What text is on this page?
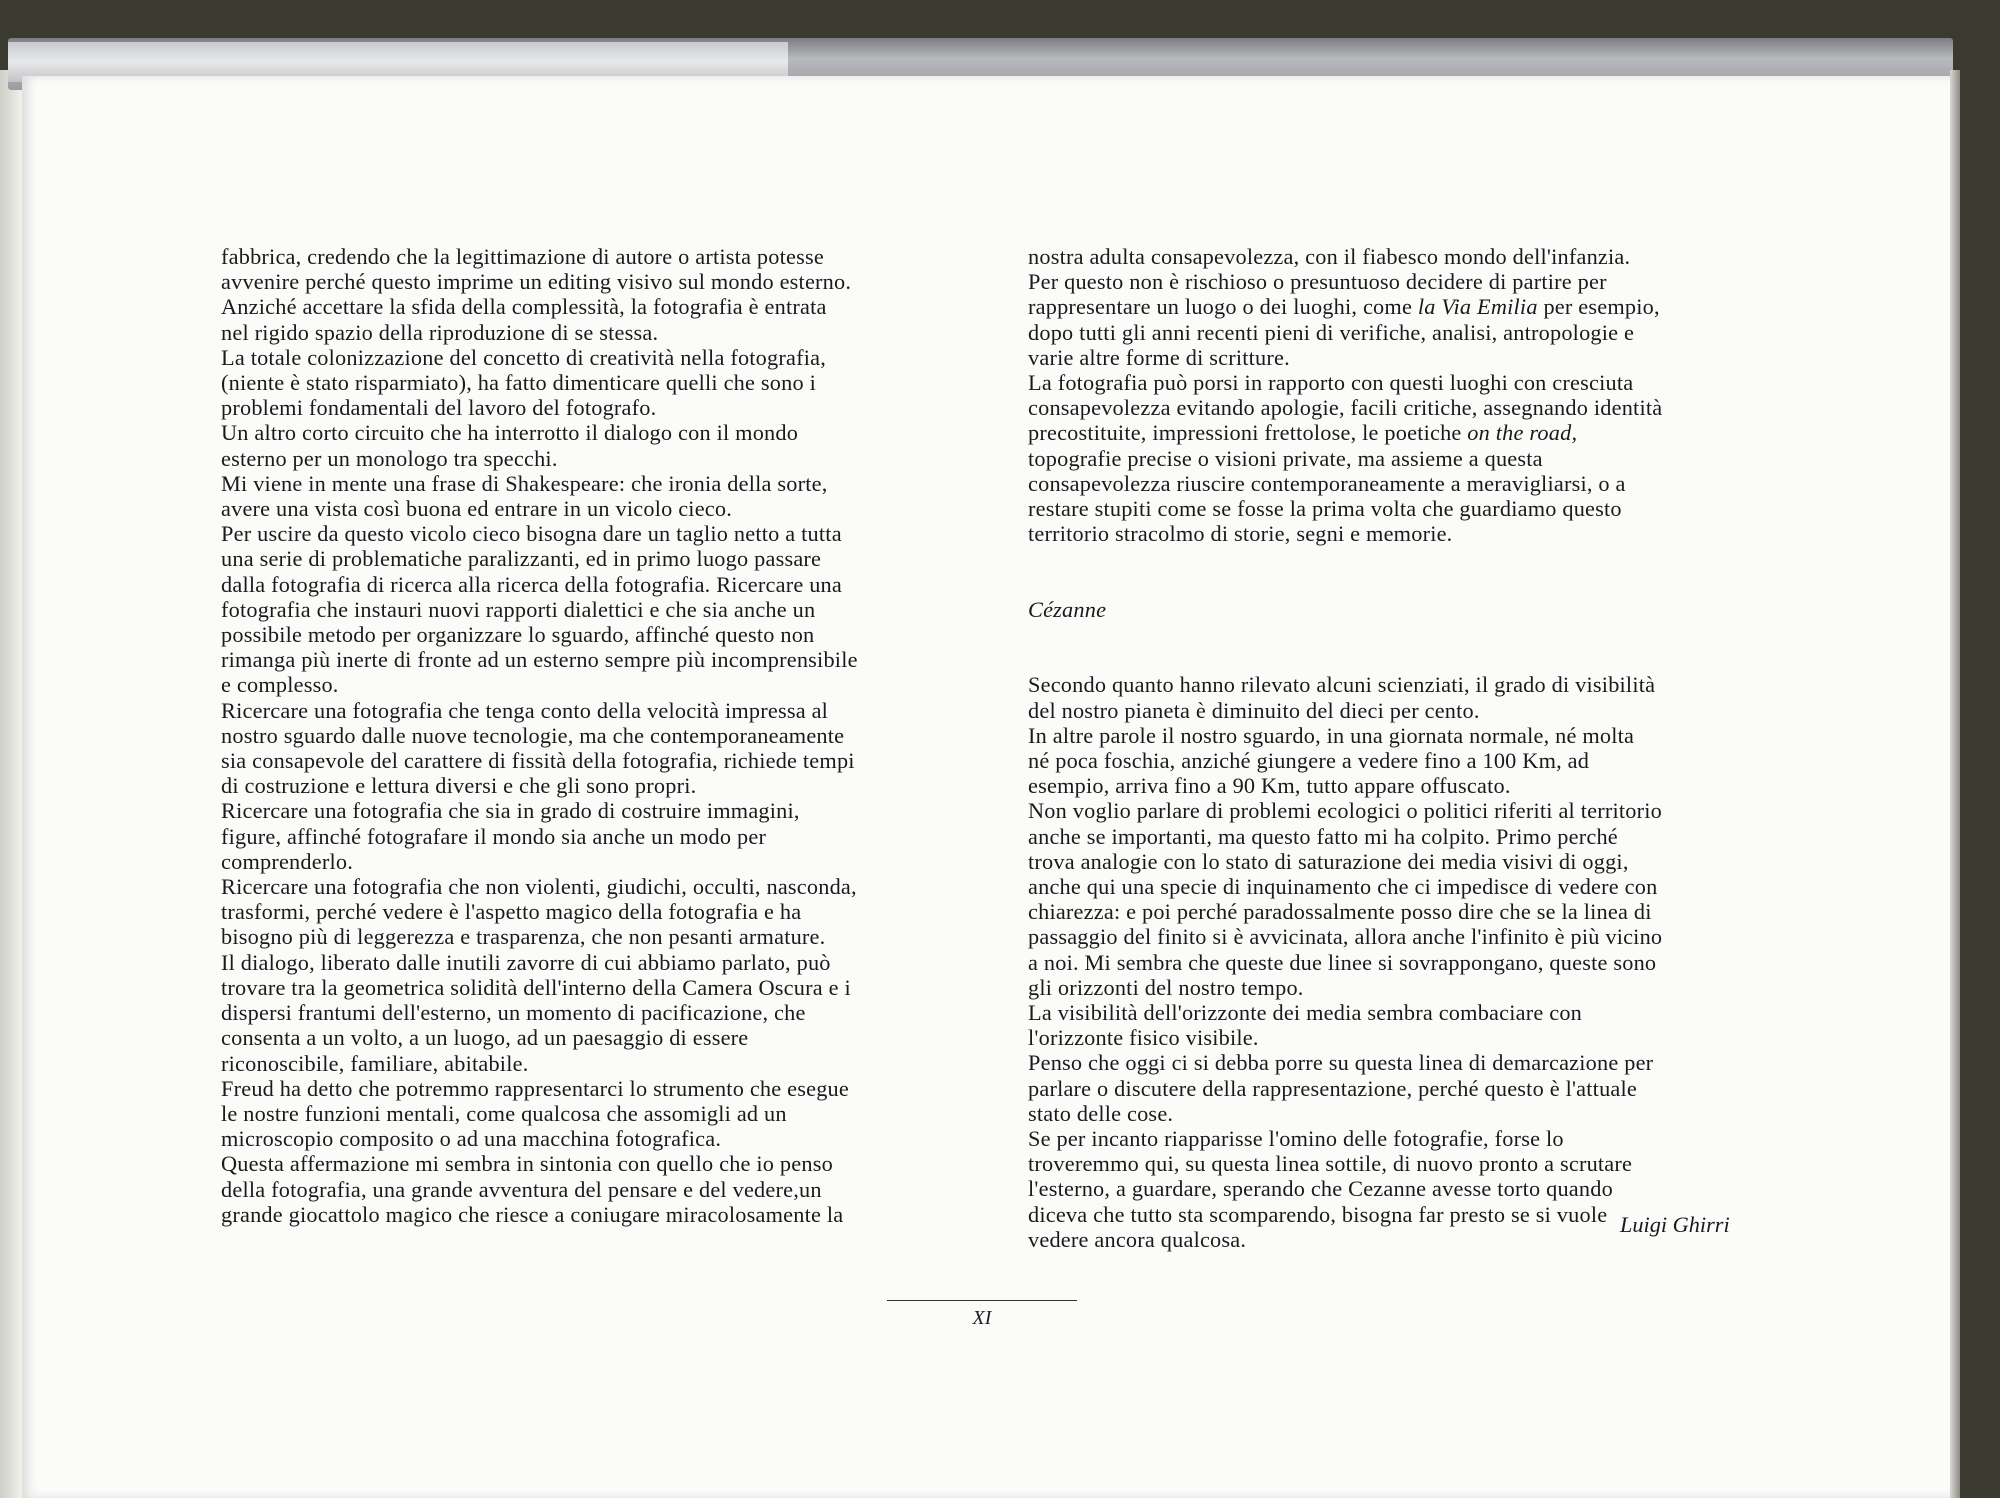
fabbrica, credendo che la legittimazione di autore o artista potesse
avvenire perché questo imprime un editing visivo sul mondo esterno.
Anziché accettare la sfida della complessità, la fotografia è entrata
nel rigido spazio della riproduzione di se stessa.
La totale colonizzazione del concetto di creatività nella fotografia,
(niente è stato risparmiato), ha fatto dimenticare quelli che sono i
problemi fondamentali del lavoro del fotografo.
Un altro corto circuito che ha interrotto il dialogo con il mondo
esterno per un monologo tra specchi.
Mi viene in mente una frase di Shakespeare: che ironia della sorte,
avere una vista così buona ed entrare in un vicolo cieco.
Per uscire da questo vicolo cieco bisogna dare un taglio netto a tutta
una serie di problematiche paralizzanti, ed in primo luogo passare
dalla fotografia di ricerca alla ricerca della fotografia. Ricercare una
fotografia che instauri nuovi rapporti dialettici e che sia anche un
possibile metodo per organizzare lo sguardo, affinché questo non
rimanga più inerte di fronte ad un esterno sempre più incomprensibile
e complesso.
Ricercare una fotografia che tenga conto della velocità impressa al
nostro sguardo dalle nuove tecnologie, ma che contemporaneamente
sia consapevole del carattere di fissità della fotografia, richiede tempi
di costruzione e lettura diversi e che gli sono propri.
Ricercare una fotografia che sia in grado di costruire immagini,
figure, affinché fotografare il mondo sia anche un modo per
comprenderlo.
Ricercare una fotografia che non violenti, giudichi, occulti, nasconda,
trasformi, perché vedere è l'aspetto magico della fotografia e ha
bisogno più di leggerezza e trasparenza, che non pesanti armature.
Il dialogo, liberato dalle inutili zavorre di cui abbiamo parlato, può
trovare tra la geometrica solidità dell'interno della Camera Oscura e i
dispersi frantumi dell'esterno, un momento di pacificazione, che
consenta a un volto, a un luogo, ad un paesaggio di essere
riconoscibile, familiare, abitabile.
Freud ha detto che potremmo rappresentarci lo strumento che esegue
le nostre funzioni mentali, come qualcosa che assomigli ad un
microscopio composito o ad una macchina fotografica.
Questa affermazione mi sembra in sintonia con quello che io penso
della fotografia, una grande avventura del pensare e del vedere,un
grande giocattolo magico che riesce a coniugare miracolosamente la
nostra adulta consapevolezza, con il fiabesco mondo dell'infanzia.
Per questo non è rischioso o presuntuoso decidere di partire per
rappresentare un luogo o dei luoghi, come la Via Emilia per esempio,
dopo tutti gli anni recenti pieni di verifiche, analisi, antropologie e
varie altre forme di scritture.
La fotografia può porsi in rapporto con questi luoghi con cresciuta
consapevolezza evitando apologie, facili critiche, assegnando identità
precostituite, impressioni frettolose, le poetiche on the road,
topografie precise o visioni private, ma assieme a questa
consapevolezza riuscire contemporaneamente a meravigliarsi, o a
restare stupiti come se fosse la prima volta che guardiamo questo
territorio stracolmo di storie, segni e memorie.
Cézanne
Secondo quanto hanno rilevato alcuni scienziati, il grado di visibilità
del nostro pianeta è diminuito del dieci per cento.
In altre parole il nostro sguardo, in una giornata normale, né molta
né poca foschia, anziché giungere a vedere fino a 100 Km, ad
esempio, arriva fino a 90 Km, tutto appare offuscato.
Non voglio parlare di problemi ecologici o politici riferiti al territorio
anche se importanti, ma questo fatto mi ha colpito. Primo perché
trova analogie con lo stato di saturazione dei media visivi di oggi,
anche qui una specie di inquinamento che ci impedisce di vedere con
chiarezza: e poi perché paradossalmente posso dire che se la linea di
passaggio del finito si è avvicinata, allora anche l'infinito è più vicino
a noi. Mi sembra che queste due linee si sovrappongano, queste sono
gli orizzonti del nostro tempo.
La visibilità dell'orizzonte dei media sembra combaciare con
l'orizzonte fisico visibile.
Penso che oggi ci si debba porre su questa linea di demarcazione per
parlare o discutere della rappresentazione, perché questo è l'attuale
stato delle cose.
Se per incanto riapparisse l'omino delle fotografie, forse lo
troveremmo qui, su questa linea sottile, di nuovo pronto a scrutare
l'esterno, a guardare, sperando che Cezanne avesse torto quando
diceva che tutto sta scomparendo, bisogna far presto se si vuole
vedere ancora qualcosa.
Luigi Ghirri
XI
